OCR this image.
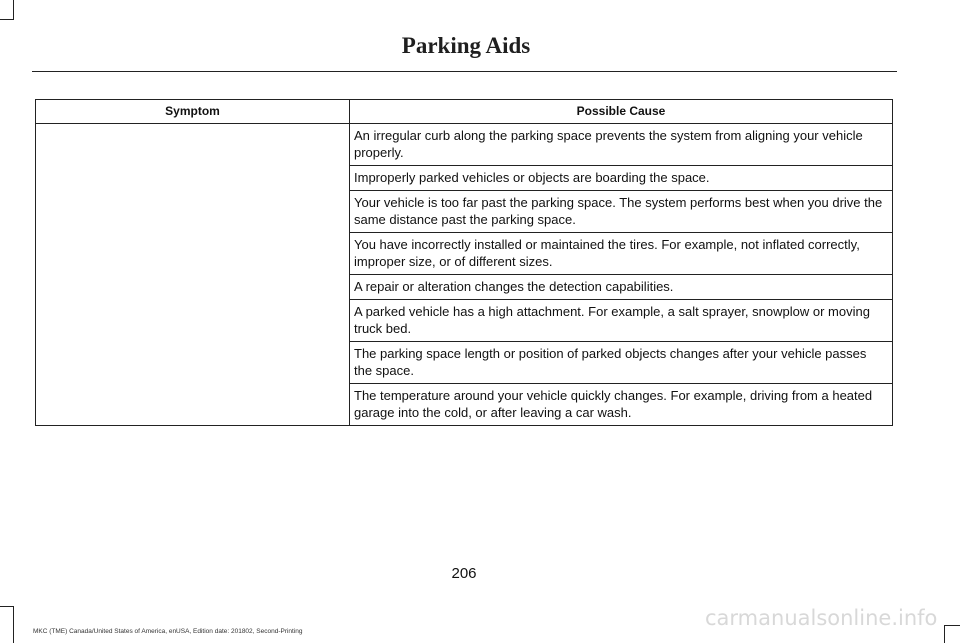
Parking Aids
Symptom	Possible Cause
	An irregular curb along the parking space prevents the system from aligning your vehicle properly.
	Improperly parked vehicles or objects are boarding the space.
	Your vehicle is too far past the parking space. The system performs best when you drive the same distance past the parking space.
	You have incorrectly installed or maintained the tires. For example, not inflated correctly, improper size, or of different sizes.
	A repair or alteration changes the detection capabilities.
	A parked vehicle has a high attachment. For example, a salt sprayer, snowplow or moving truck bed.
	The parking space length or position of parked objects changes after your vehicle passes the space.
	The temperature around your vehicle quickly changes. For example, driving from a heated garage into the cold, or after leaving a car wash.
206
MKC (TME) Canada/United States of America, enUSA, Edition date: 201802, Second-Printing
carmanualsonline.info
